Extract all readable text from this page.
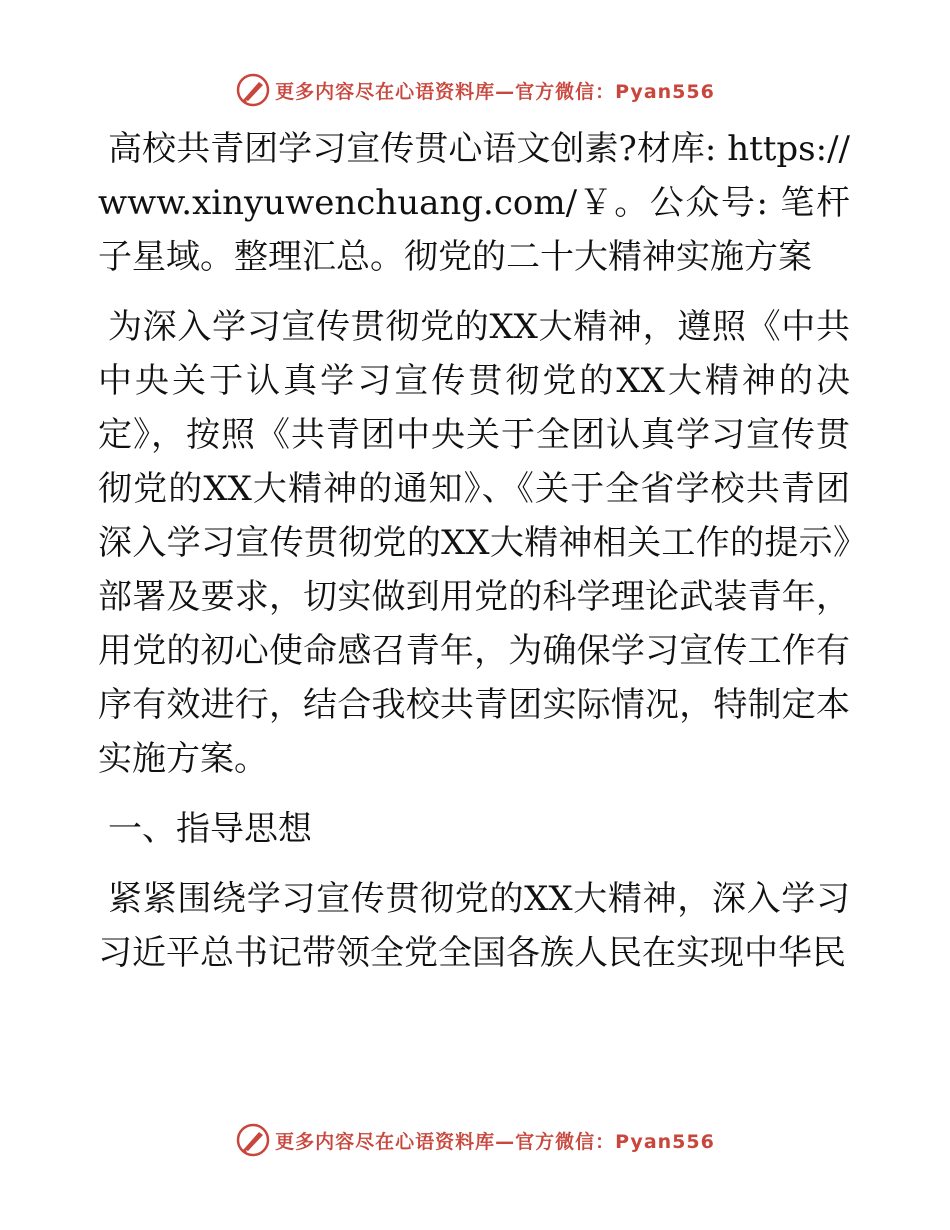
更多内容尽在心语资料库—官方微信：Pyan556

高校共青团学习宣传贯心语文创素?材库: https://www.xinyuwenchuang.com/￥。公众号: 笔杆子星域。整理汇总。彻党的二十大精神实施方案

为深入学习宣传贯彻党的XX大精神，遵照《中共中央关于认真学习宣传贯彻党的XX大精神的决定》，按照《共青团中央关于全团认真学习宣传贯彻党的XX大精神的通知》、《关于全省学校共青团深入学习宣传贯彻党的XX大精神相关工作的提示》部署及要求，切实做到用党的科学理论武装青年，用党的初心使命感召青年，为确保学习宣传工作有序有效进行，结合我校共青团实际情况，特制定本实施方案。

一、指导思想

紧紧围绕学习宣传贯彻党的XX大精神，深入学习习近平总书记带领全党全国各族人民在实现中华民

更多内容尽在心语资料库—官方微信：Pyan556
